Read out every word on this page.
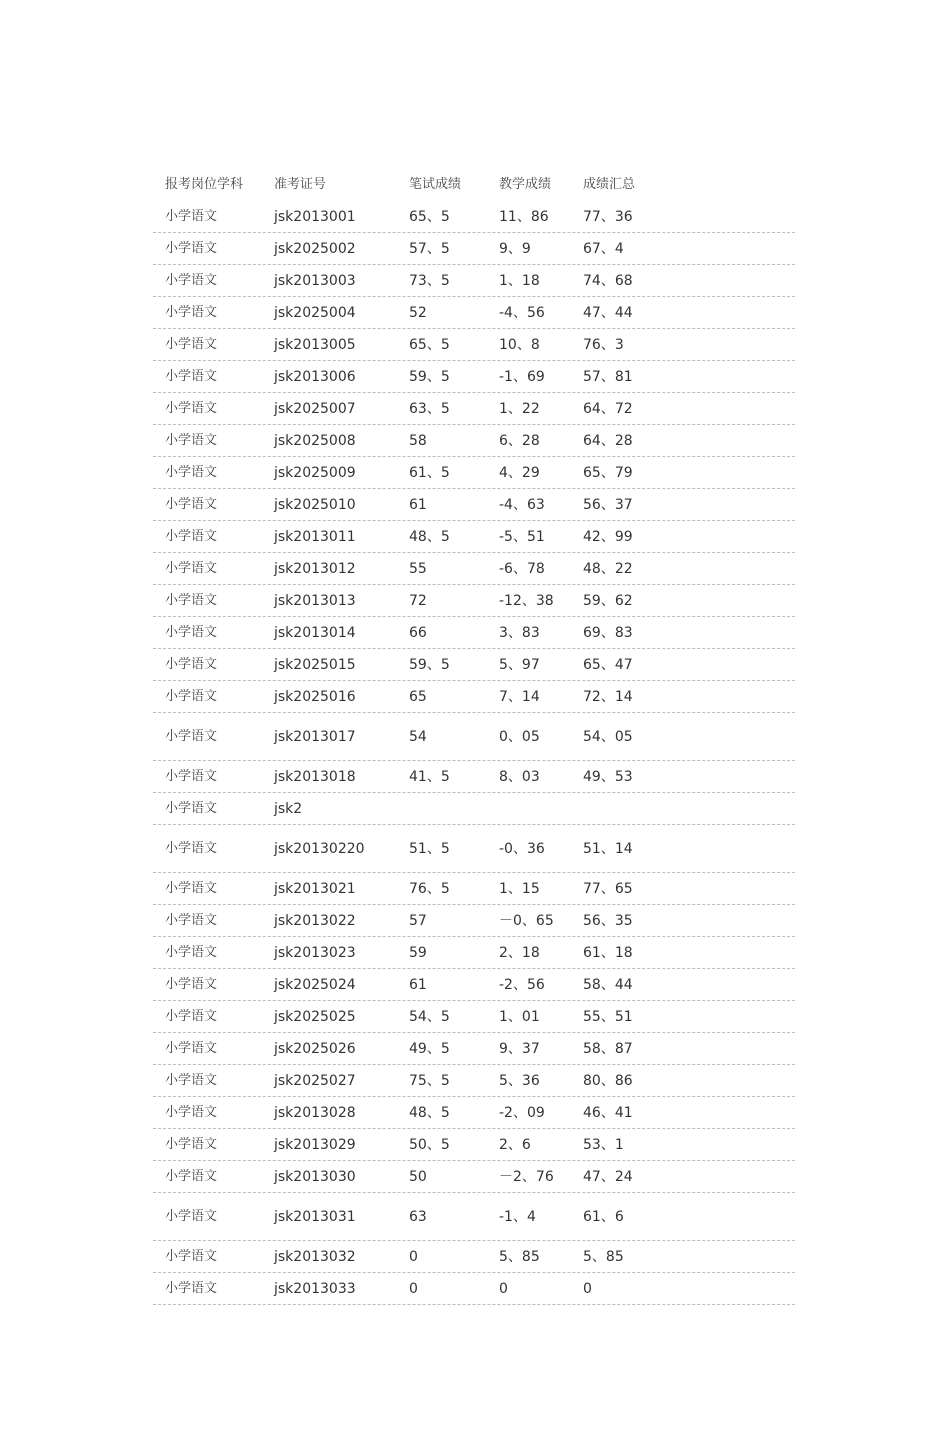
报考岗位学科	准考证号	笔试成绩	教学成绩	成绩汇总
小学语文	jsk2013001	65、5	11、86	77、36
小学语文	jsk2025002	57、5	9、9	67、4
小学语文	jsk2013003	73、5	1、18	74、68
小学语文	jsk2025004	52	-4、56	47、44
小学语文	jsk2013005	65、5	10、8	76、3
小学语文	jsk2013006	59、5	-1、69	57、81
小学语文	jsk2025007	63、5	1、22	64、72
小学语文	jsk2025008	58	6、28	64、28
小学语文	jsk2025009	61、5	4、29	65、79
小学语文	jsk2025010	61	-4、63	56、37
小学语文	jsk2013011	48、5	-5、51	42、99
小学语文	jsk2013012	55	-6、78	48、22
小学语文	jsk2013013	72	-12、38	59、62
小学语文	jsk2013014	66	3、83	69、83
小学语文	jsk2025015	59、5	5、97	65、47
小学语文	jsk2025016	65	7、14	72、14
小学语文	jsk2013017	54	0、05	54、05
小学语文	jsk2013018	41、5	8、03	49、53
小学语文	jsk2
小学语文	jsk20130220	51、5	-0、36	51、14
小学语文	jsk2013021	76、5	1、15	77、65
小学语文	jsk2013022	57	－0、65	56、35
小学语文	jsk2013023	59	2、18	61、18
小学语文	jsk2025024	61	-2、56	58、44
小学语文	jsk2025025	54、5	1、01	55、51
小学语文	jsk2025026	49、5	9、37	58、87
小学语文	jsk2025027	75、5	5、36	80、86
小学语文	jsk2013028	48、5	-2、09	46、41
小学语文	jsk2013029	50、5	2、6	53、1
小学语文	jsk2013030	50	－2、76	47、24
小学语文	jsk2013031	63	-1、4	61、6
小学语文	jsk2013032	0	5、85	5、85
小学语文	jsk2013033	0	0	0
